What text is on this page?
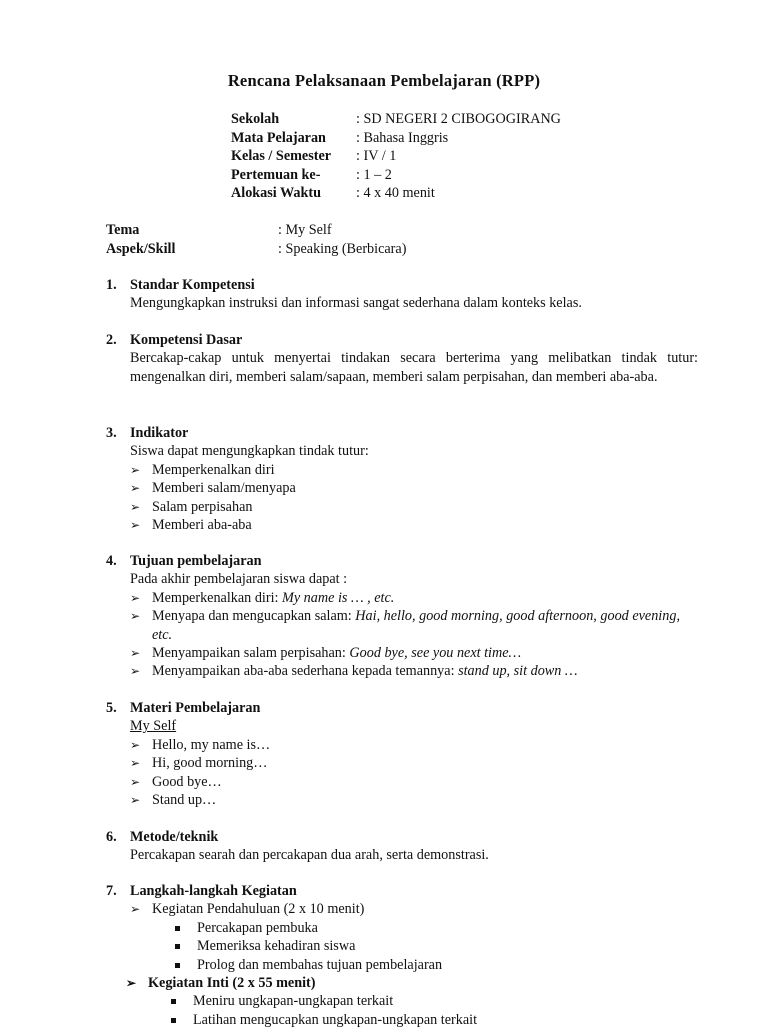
Rencana Pelaksanaan Pembelajaran (RPP)
Sekolah	: SD NEGERI 2 CIBOGOGIRANG
Mata Pelajaran : Bahasa Inggris
Kelas / Semester : IV / 1
Pertemuan ke-	: 1 – 2
Alokasi Waktu : 4 x 40 menit
Tema	: My Self
Aspek/Skill	: Speaking (Berbicara)
1. Standar Kompetensi
Mengungkapkan instruksi dan informasi sangat sederhana dalam konteks kelas.
2. Kompetensi Dasar
Bercakap-cakap untuk menyertai tindakan secara berterima yang melibatkan tindak tutur: mengenalkan diri, memberi salam/sapaan, memberi salam perpisahan, dan memberi aba-aba.
3. Indikator
Siswa dapat mengungkapkan tindak tutur:
➢ Memperkenalkan diri
➢ Memberi salam/menyapa
➢ Salam perpisahan
➢ Memberi aba-aba
4. Tujuan pembelajaran
Pada akhir pembelajaran siswa dapat :
➢ Memperkenalkan diri: My name is … , etc.
➢ Menyapa dan mengucapkan salam: Hai, hello, good morning, good afternoon, good evening, etc.
➢ Menyampaikan salam perpisahan: Good bye, see you next time…
➢ Menyampaikan aba-aba sederhana kepada temannya: stand up, sit down …
5. Materi Pembelajaran
My Self
➢ Hello, my name is…
➢ Hi, good morning…
➢ Good bye…
➢ Stand up…
6. Metode/teknik
Percakapan searah dan percakapan dua arah, serta demonstrasi.
7. Langkah-langkah Kegiatan
➢ Kegiatan Pendahuluan (2 x 10 menit)
Percakapan pembuka
Memeriksa kehadiran siswa
Prolog dan membahas tujuan pembelajaran
➢ Kegiatan Inti (2 x 55 menit)
Meniru ungkapan-ungkapan terkait
Latihan mengucapkan ungkapan-ungkapan terkait
